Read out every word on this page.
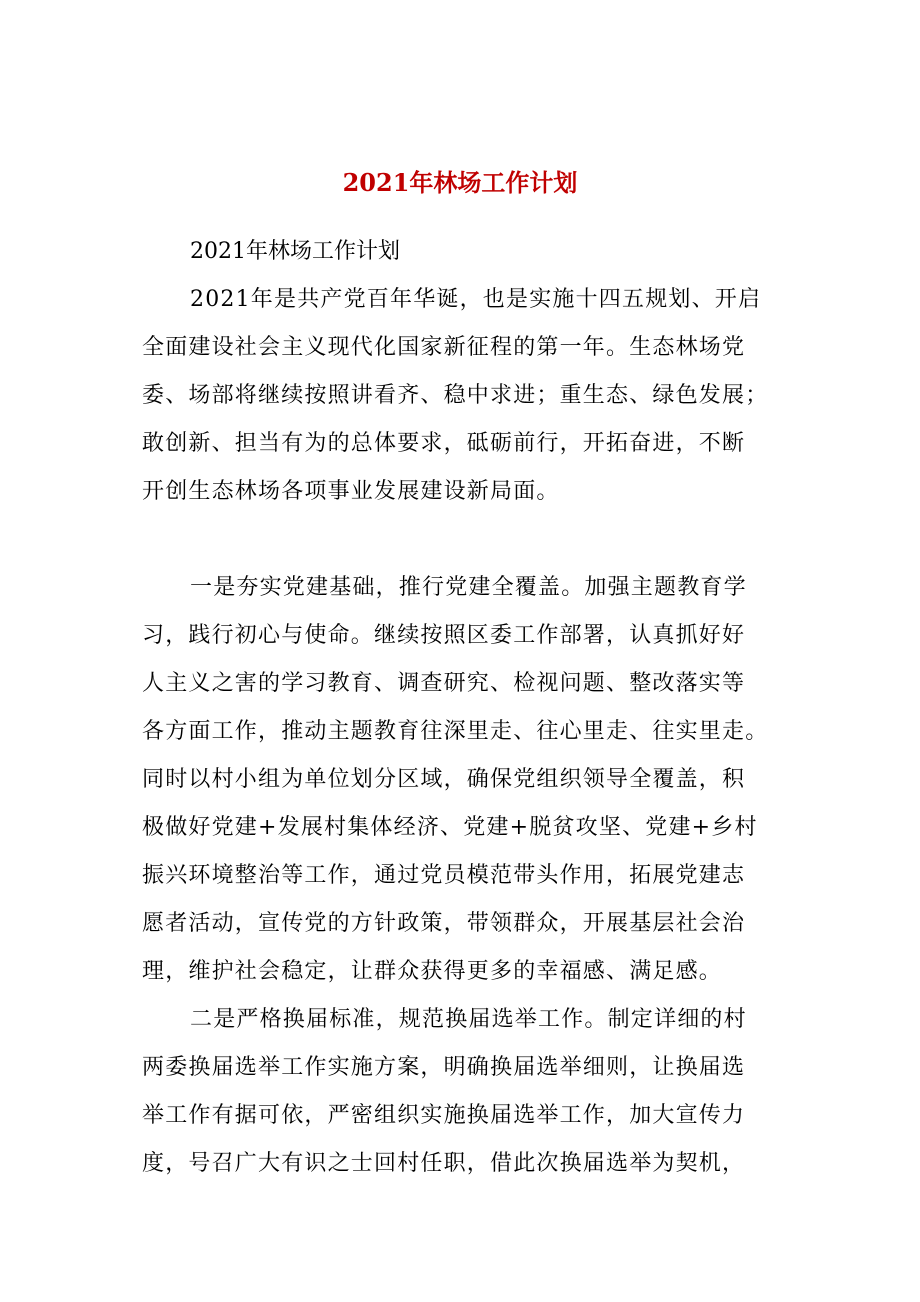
2021年林场工作计划

2021年林场工作计划

2021年是共产党百年华诞，也是实施十四五规划、开启
全面建设社会主义现代化国家新征程的第一年。生态林场党
委、场部将继续按照讲看齐、稳中求进；重生态、绿色发展；
敢创新、担当有为的总体要求，砥砺前行，开拓奋进，不断
开创生态林场各项事业发展建设新局面。

一是夯实党建基础，推行党建全覆盖。加强主题教育学
习，践行初心与使命。继续按照区委工作部署，认真抓好好
人主义之害的学习教育、调查研究、检视问题、整改落实等
各方面工作，推动主题教育往深里走、往心里走、往实里走。
同时以村小组为单位划分区域，确保党组织领导全覆盖，积
极做好党建+发展村集体经济、党建+脱贫攻坚、党建+乡村
振兴环境整治等工作，通过党员模范带头作用，拓展党建志
愿者活动，宣传党的方针政策，带领群众，开展基层社会治
理，维护社会稳定，让群众获得更多的幸福感、满足感。

二是严格换届标准，规范换届选举工作。制定详细的村
两委换届选举工作实施方案，明确换届选举细则，让换届选
举工作有据可依，严密组织实施换届选举工作，加大宣传力
度，号召广大有识之士回村任职，借此次换届选举为契机，
